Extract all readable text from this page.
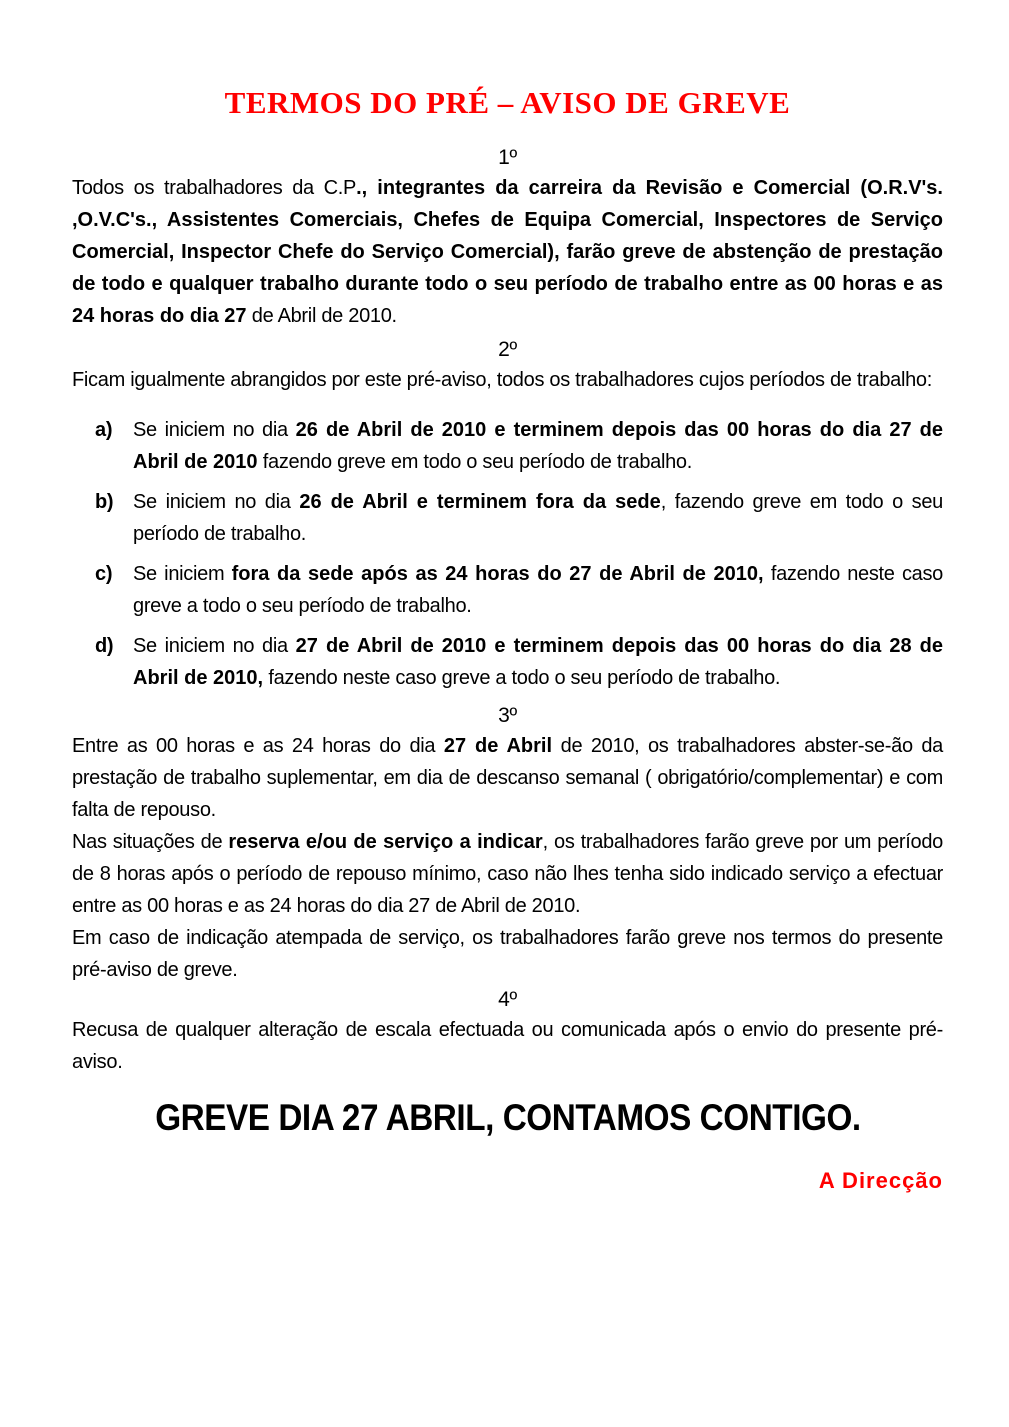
TERMOS DO PRÉ – AVISO DE GREVE
1º

Todos os trabalhadores da C.P., integrantes da carreira da Revisão e Comercial (O.R.V's. ,O.V.C's., Assistentes Comerciais, Chefes de Equipa Comercial, Inspectores de Serviço Comercial, Inspector Chefe do Serviço Comercial), farão greve de abstenção de prestação de todo e qualquer trabalho durante todo o seu período de trabalho entre as 00 horas e as 24 horas do dia 27 de Abril de 2010.

2º

Ficam igualmente abrangidos por este pré-aviso, todos os trabalhadores cujos períodos de trabalho:

a) Se iniciem no dia 26 de Abril de 2010 e terminem depois das 00 horas do dia 27 de Abril de 2010 fazendo greve em todo o seu período de trabalho.
b) Se iniciem no dia 26 de Abril e terminem fora da sede, fazendo greve em todo o seu período de trabalho.
c) Se iniciem fora da sede após as 24 horas do 27 de Abril de 2010, fazendo neste caso greve a todo o seu período de trabalho.
d) Se iniciem no dia 27 de Abril de 2010 e terminem depois das 00 horas do dia 28 de Abril de 2010, fazendo neste caso greve a todo o seu período de trabalho.
3º

Entre as 00 horas e as 24 horas do dia 27 de Abril de 2010, os trabalhadores abster-se-ão da prestação de trabalho suplementar, em dia de descanso semanal ( obrigatório/complementar) e com falta de repouso.

Nas situações de reserva e/ou de serviço a indicar, os trabalhadores farão greve por um período de 8 horas após o período de repouso mínimo, caso não lhes tenha sido indicado serviço a efectuar entre as 00 horas e as 24 horas do dia 27 de Abril de 2010.

Em caso de indicação atempada de serviço, os trabalhadores farão greve nos termos do presente pré-aviso de greve.

4º

Recusa de qualquer alteração de escala efectuada ou comunicada após o envio do presente pré-aviso.

GREVE DIA 27 ABRIL, CONTAMOS CONTIGO.
A Direcção
